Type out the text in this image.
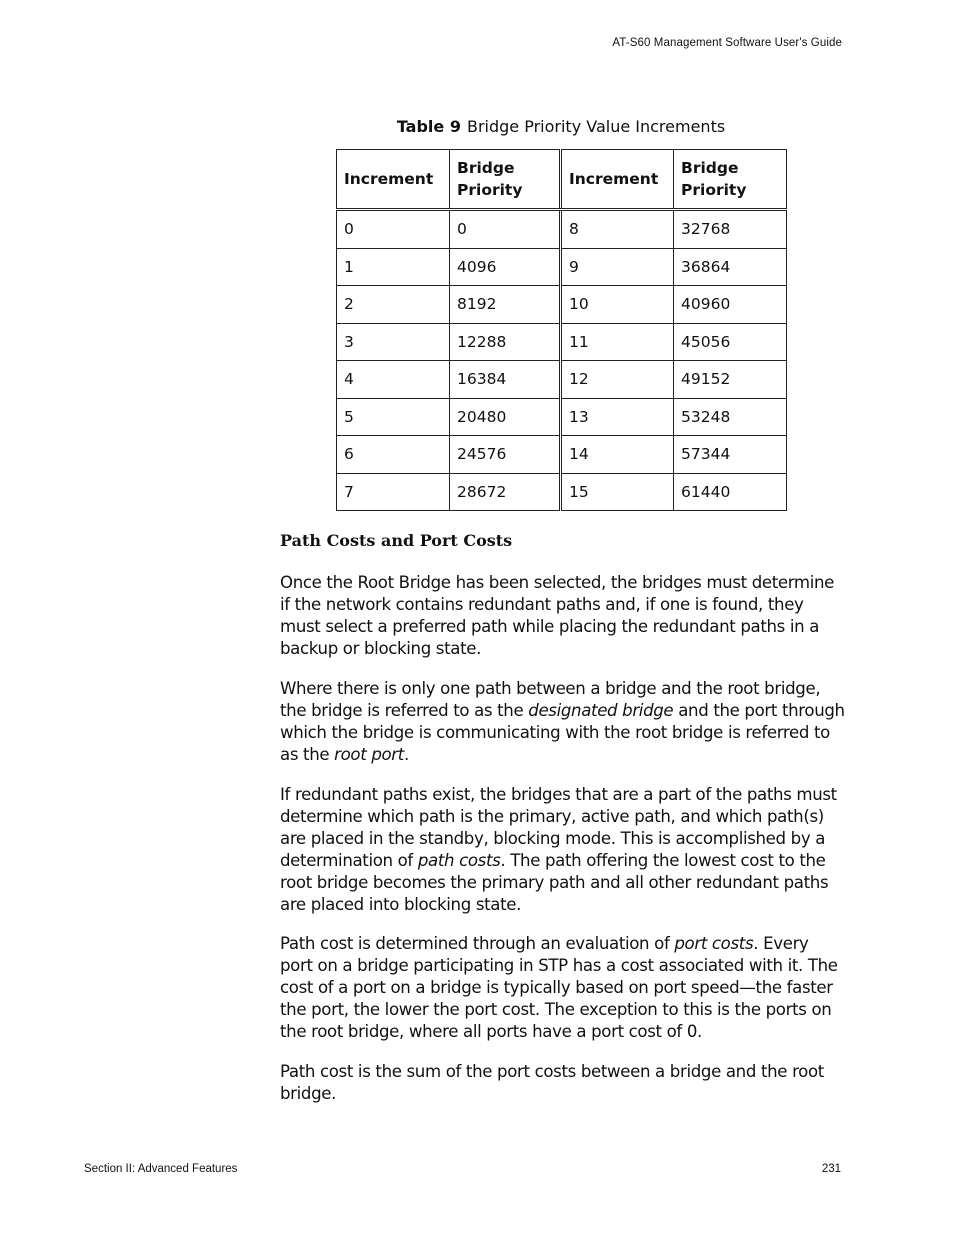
AT-S60 Management Software User's Guide
Table 9 Bridge Priority Value Increments
Increment	Bridge Priority	Increment	Bridge Priority
0	0	8	32768
1	4096	9	36864
2	8192	10	40960
3	12288	11	45056
4	16384	12	49152
5	20480	13	53248
6	24576	14	57344
7	28672	15	61440
Path Costs and Port Costs

Once the Root Bridge has been selected, the bridges must determine if the network contains redundant paths and, if one is found, they must select a preferred path while placing the redundant paths in a backup or blocking state.

Where there is only one path between a bridge and the root bridge, the bridge is referred to as the designated bridge and the port through which the bridge is communicating with the root bridge is referred to as the root port.

If redundant paths exist, the bridges that are a part of the paths must determine which path is the primary, active path, and which path(s) are placed in the standby, blocking mode. This is accomplished by a determination of path costs. The path offering the lowest cost to the root bridge becomes the primary path and all other redundant paths are placed into blocking state.

Path cost is determined through an evaluation of port costs. Every port on a bridge participating in STP has a cost associated with it. The cost of a port on a bridge is typically based on port speed—the faster the port, the lower the port cost. The exception to this is the ports on the root bridge, where all ports have a port cost of 0.

Path cost is the sum of the port costs between a bridge and the root bridge.

Section II: Advanced Features	231
